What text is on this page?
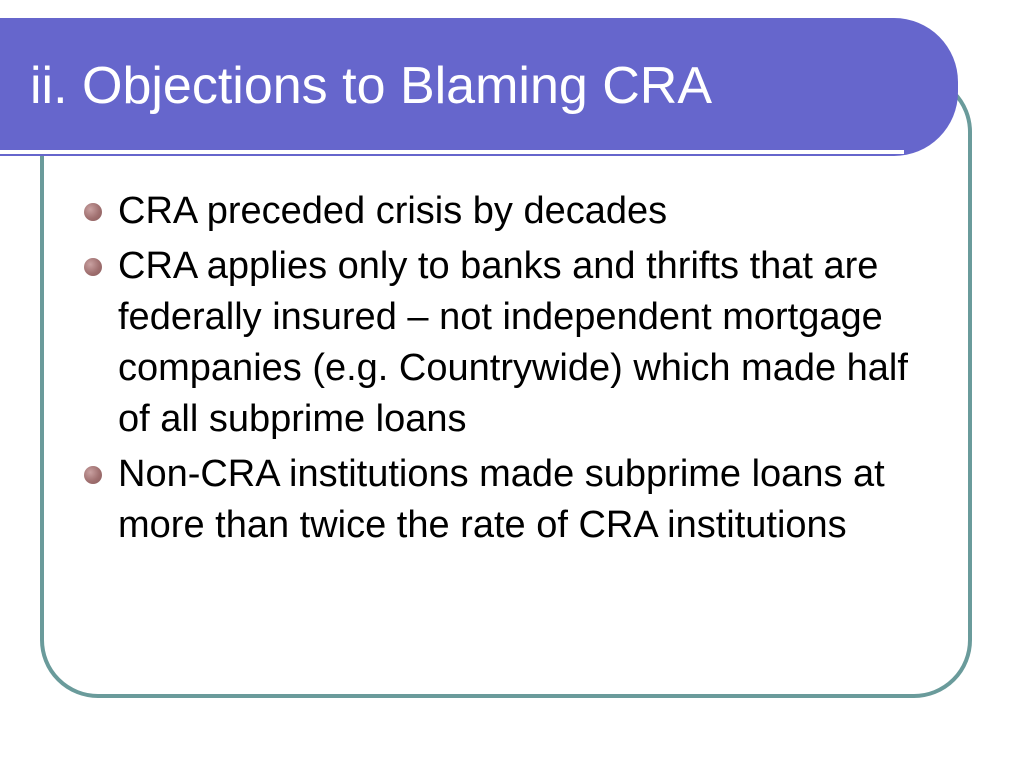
ii. Objections to Blaming CRA
CRA preceded crisis by decades
CRA applies only to banks and thrifts that are federally insured – not independent mortgage companies (e.g. Countrywide) which made half of all subprime loans
Non-CRA institutions made subprime loans at more than twice the rate of CRA institutions
